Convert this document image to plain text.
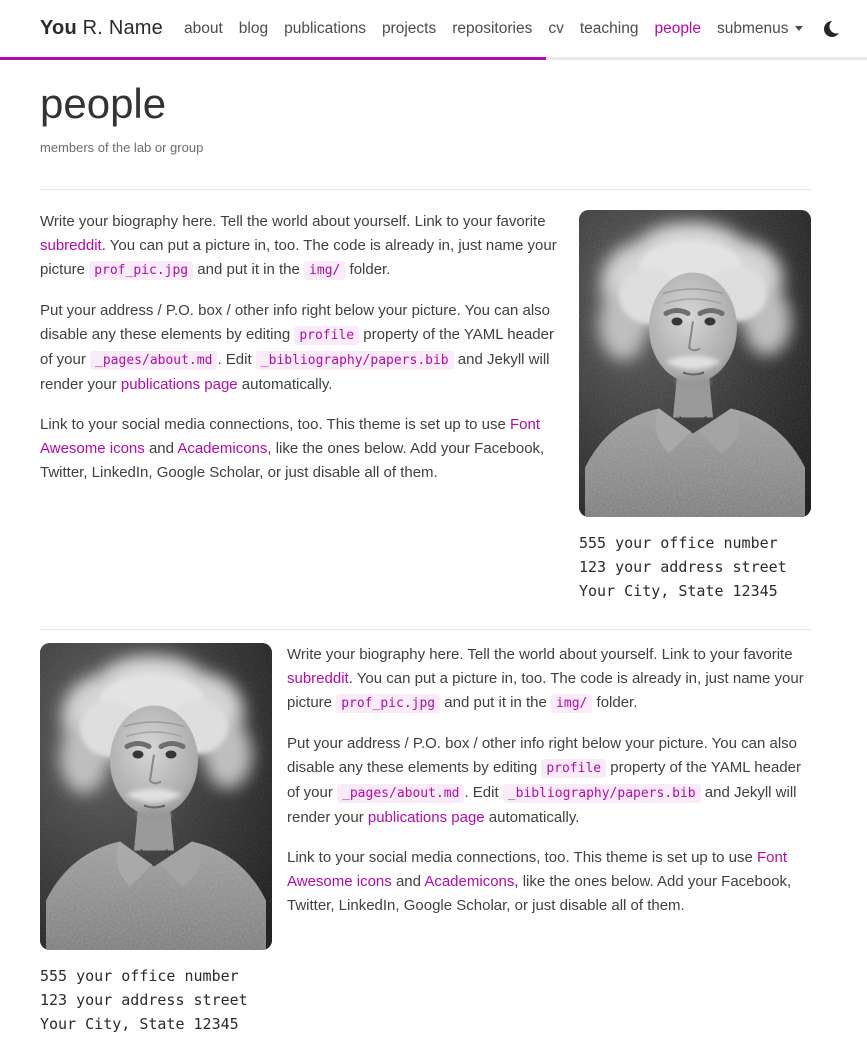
You R. Name	about	blog	publications	projects	repositories	cv	teaching	people	submenus
people

members of the lab or group

Write your biography here. Tell the world about yourself. Link to your favorite subreddit. You can put a picture in, too. The code is already in, just name your picture prof_pic.jpg and put it in the img/ folder.

Put your address / P.O. box / other info right below your picture. You can also disable any these elements by editing profile property of the YAML header of your _pages/about.md . Edit _bibliography/papers.bib and Jekyll will render your publications page automatically.

Link to your social media connections, too. This theme is set up to use Font Awesome icons and Academicons, like the ones below. Add your Facebook, Twitter, LinkedIn, Google Scholar, or just disable all of them.

555 your office number
123 your address street
Your City, State 12345
555 your office number
123 your address street
Your City, State 12345

Write your biography here. Tell the world about yourself. Link to your favorite subreddit. You can put a picture in, too. The code is already in, just name your picture prof_pic.jpg and put it in the img/ folder.

Put your address / P.O. box / other info right below your picture. You can also disable any these elements by editing profile property of the YAML header of your _pages/about.md . Edit _bibliography/papers.bib and Jekyll will render your publications page automatically.

Link to your social media connections, too. This theme is set up to use Font Awesome icons and Academicons, like the ones below. Add your Facebook, Twitter, LinkedIn, Google Scholar, or just disable all of them.
